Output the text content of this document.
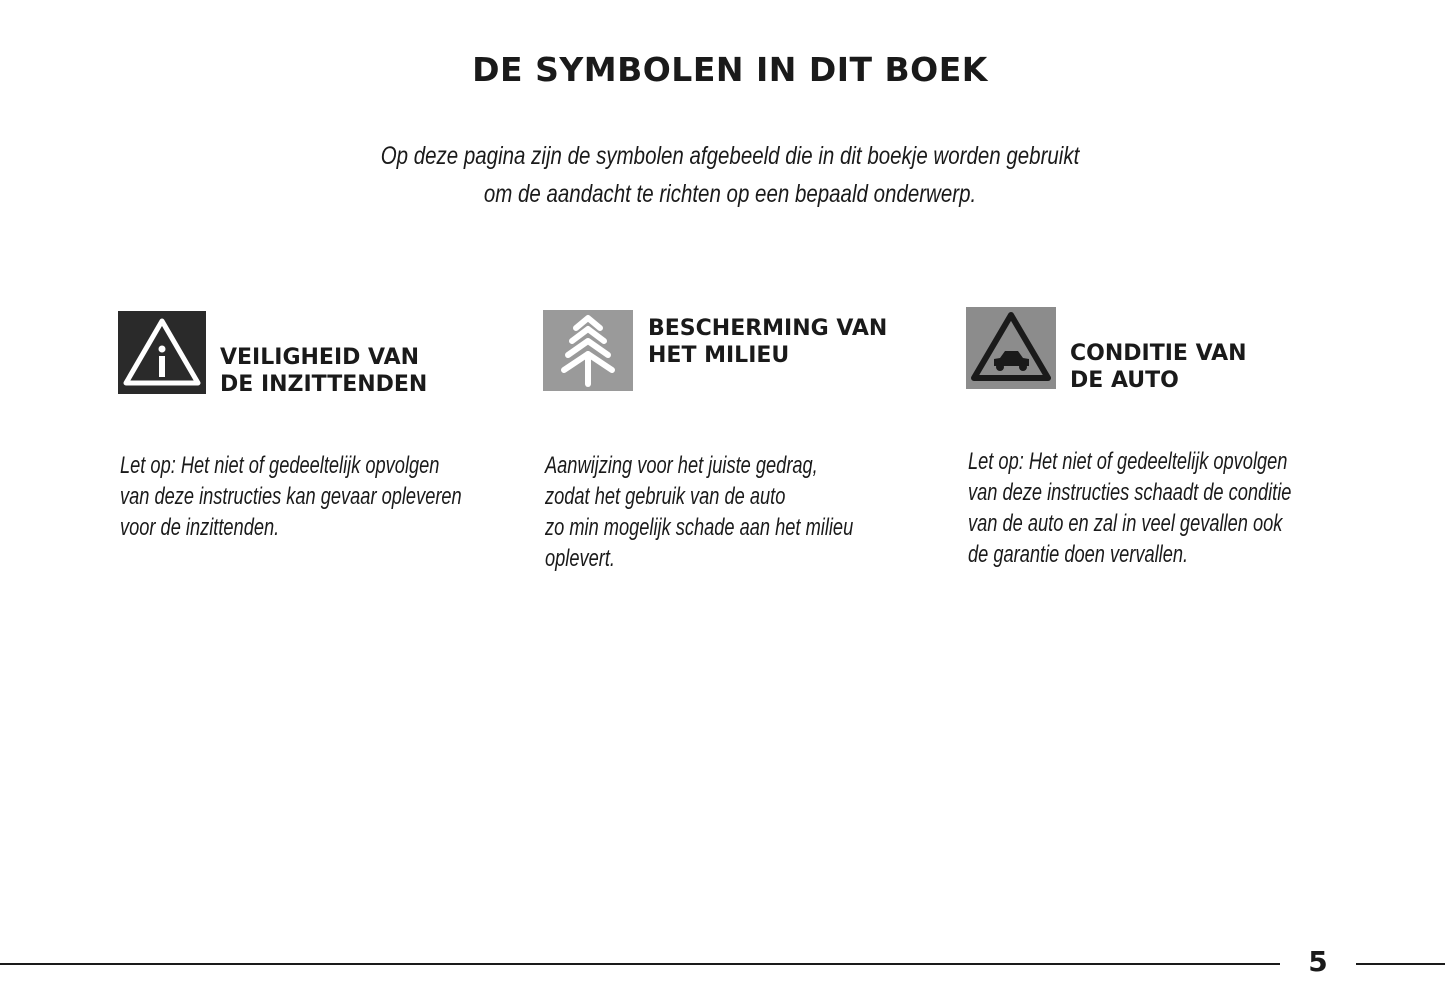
DE SYMBOLEN IN DIT BOEK

Op deze pagina zijn de symbolen afgebeeld die in dit boekje worden gebruikt
om de aandacht te richten op een bepaald onderwerp.

VEILIGHEID VAN
DE INZITTENDEN
Let op: Het niet of gedeeltelijk opvolgen
van deze instructies kan gevaar opleveren
voor de inzittenden.
BESCHERMING VAN
HET MILIEU
Aanwijzing voor het juiste gedrag,
zodat het gebruik van de auto
zo min mogelijk schade aan het milieu
oplevert.
CONDITIE VAN
DE AUTO
Let op: Het niet of gedeeltelijk opvolgen
van deze instructies schaadt de conditie
van de auto en zal in veel gevallen ook
de garantie doen vervallen.
5
